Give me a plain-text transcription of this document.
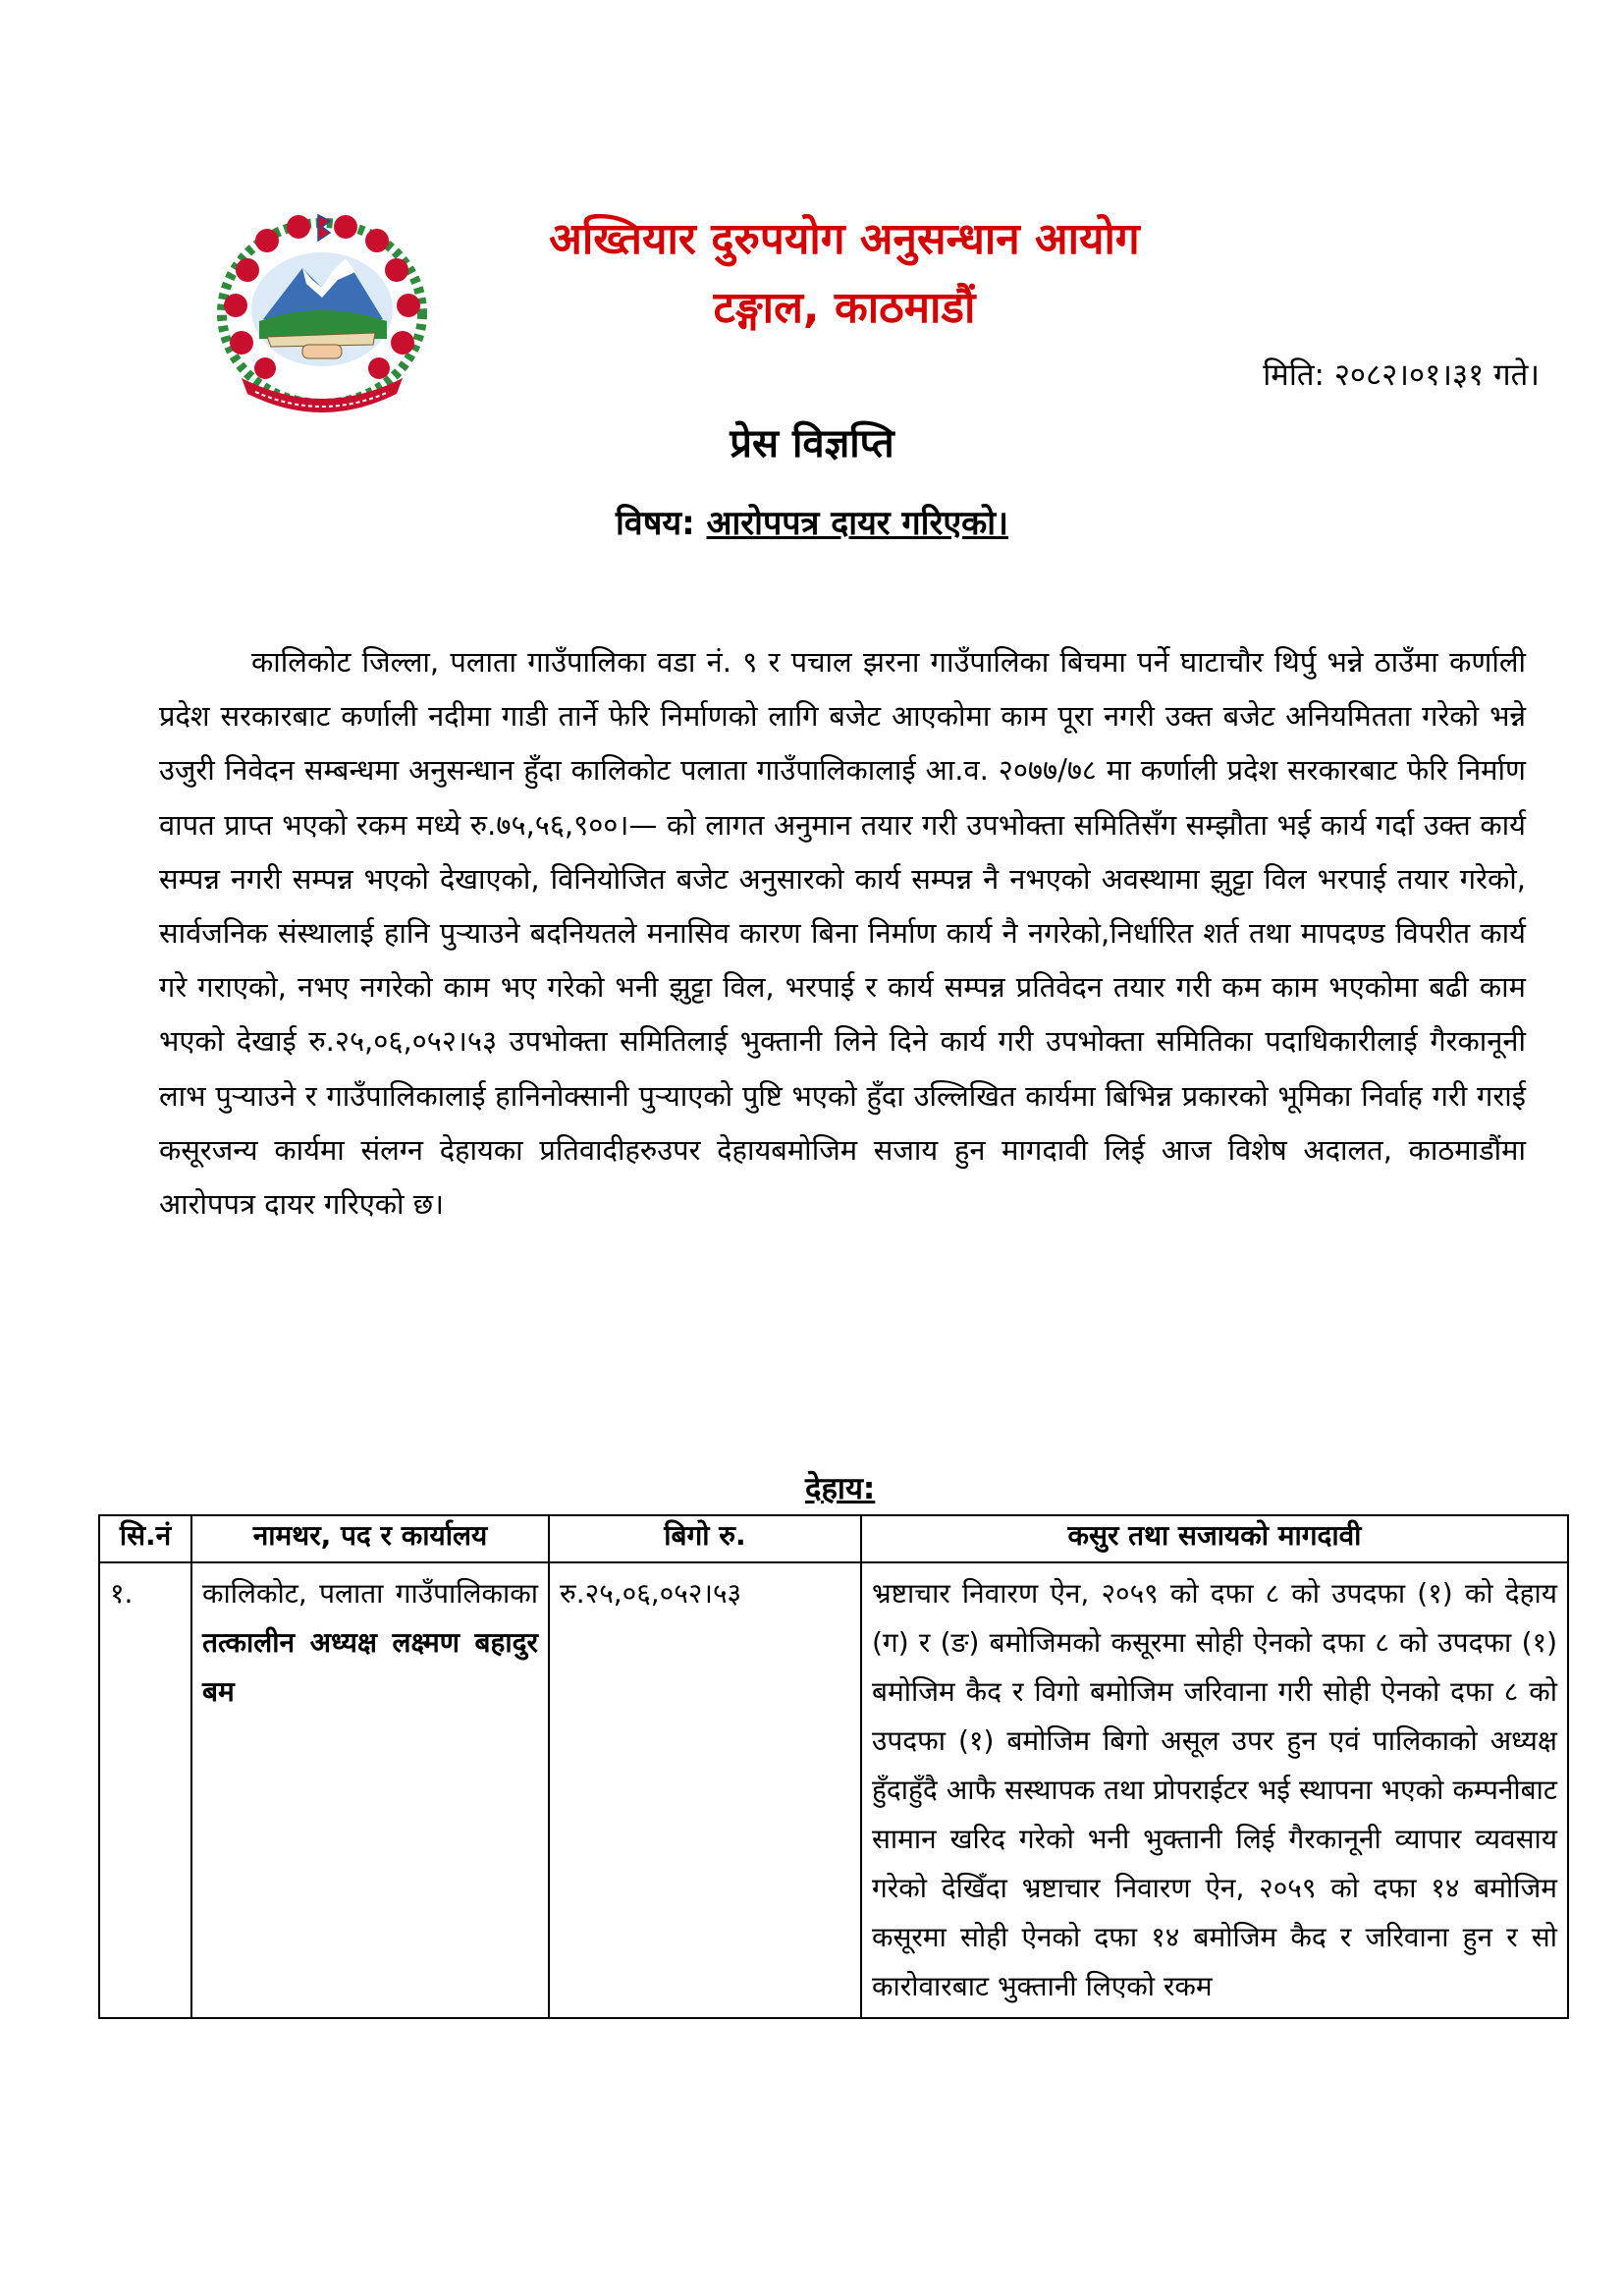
अख्तियार दुरुपयोग अनुसन्धान आयोग
टङ्गाल, काठमाडौं
मिति: २०८२।०१।३१ गते।
प्रेस विज्ञप्ति
विषय: आरोपपत्र दायर गरिएको।

कालिकोट जिल्ला, पलाता गाउँपालिका वडा नं. ९ र पचाल झरना गाउँपालिका बिचमा पर्ने घाटाचौर थिर्पु भन्ने ठाउँमा कर्णाली प्रदेश सरकारबाट कर्णाली नदीमा गाडी तार्ने फेरि निर्माणको लागि बजेट आएकोमा काम पूरा नगरी उक्त बजेट अनियमितता गरेको भन्ने उजुरी निवेदन सम्बन्धमा अनुसन्धान हुँदा कालिकोट पलाता गाउँपालिकालाई आ.व. २०७७/७८ मा कर्णाली प्रदेश सरकारबाट फेरि निर्माण वापत प्राप्त भएको रकम मध्ये रु.७५,५६,९००।— को लागत अनुमान तयार गरी उपभोक्ता समितिसँग सम्झौता भई कार्य गर्दा उक्त कार्य सम्पन्न नगरी सम्पन्न भएको देखाएको, विनियोजित बजेट अनुसारको कार्य सम्पन्न नै नभएको अवस्थामा झुट्टा विल भरपाई तयार गरेको, सार्वजनिक संस्थालाई हानि पुऱ्याउने बदनियतले मनासिव कारण बिना निर्माण कार्य नै नगरेको,निर्धारित शर्त तथा मापदण्ड विपरीत कार्य गरे गराएको, नभए नगरेको काम भए गरेको भनी झुट्टा विल, भरपाई र कार्य सम्पन्न प्रतिवेदन तयार गरी कम काम भएकोमा बढी काम भएको देखाई रु.२५,०६,०५२।५३ उपभोक्ता समितिलाई भुक्तानी लिने दिने कार्य गरी उपभोक्ता समितिका पदाधिकारीलाई गैरकानूनी लाभ पुऱ्याउने र गाउँपालिकालाई हानिनोक्सानी पुऱ्याएको पुष्टि भएको हुँदा उल्लिखित कार्यमा बिभिन्न प्रकारको भूमिका निर्वाह गरी गराई कसूरजन्य कार्यमा संलग्न देहायका प्रतिवादीहरुउपर देहायबमोजिम सजाय हुन मागदावी लिई आज विशेष अदालत, काठमाडौंमा आरोपपत्र दायर गरिएको छ।

देहाय:

सि.नं	नामथर, पद र कार्यालय	बिगो रु.	कसुर तथा सजायको मागदावी
१.	कालिकोट, पलाता गाउँपालिकाका तत्कालीन अध्यक्ष लक्ष्मण बहादुर बम	रु.२५,०६,०५२।५३	भ्रष्टाचार निवारण ऐन, २०५९ को दफा ८ को उपदफा (१) को देहाय (ग) र (ङ) बमोजिमको कसूरमा सोही ऐनको दफा ८ को उपदफा (१) बमोजिम कैद र विगो बमोजिम जरिवाना गरी सोही ऐनको दफा ८ को उपदफा (१) बमोजिम बिगो असूल उपर हुन एवं पालिकाको अध्यक्ष हुँदाहुँदै आफै सस्थापक तथा प्रोपराईटर भई स्थापना भएको कम्पनीबाट सामान खरिद गरेको भनी भुक्तानी लिई गैरकानूनी व्यापार व्यवसाय गरेको देखिँदा भ्रष्टाचार निवारण ऐन, २०५९ को दफा १४ बमोजिम कसूरमा सोही ऐनको दफा १४ बमोजिम कैद र जरिवाना हुन र सो कारोवारबाट भुक्तानी लिएको रकम
